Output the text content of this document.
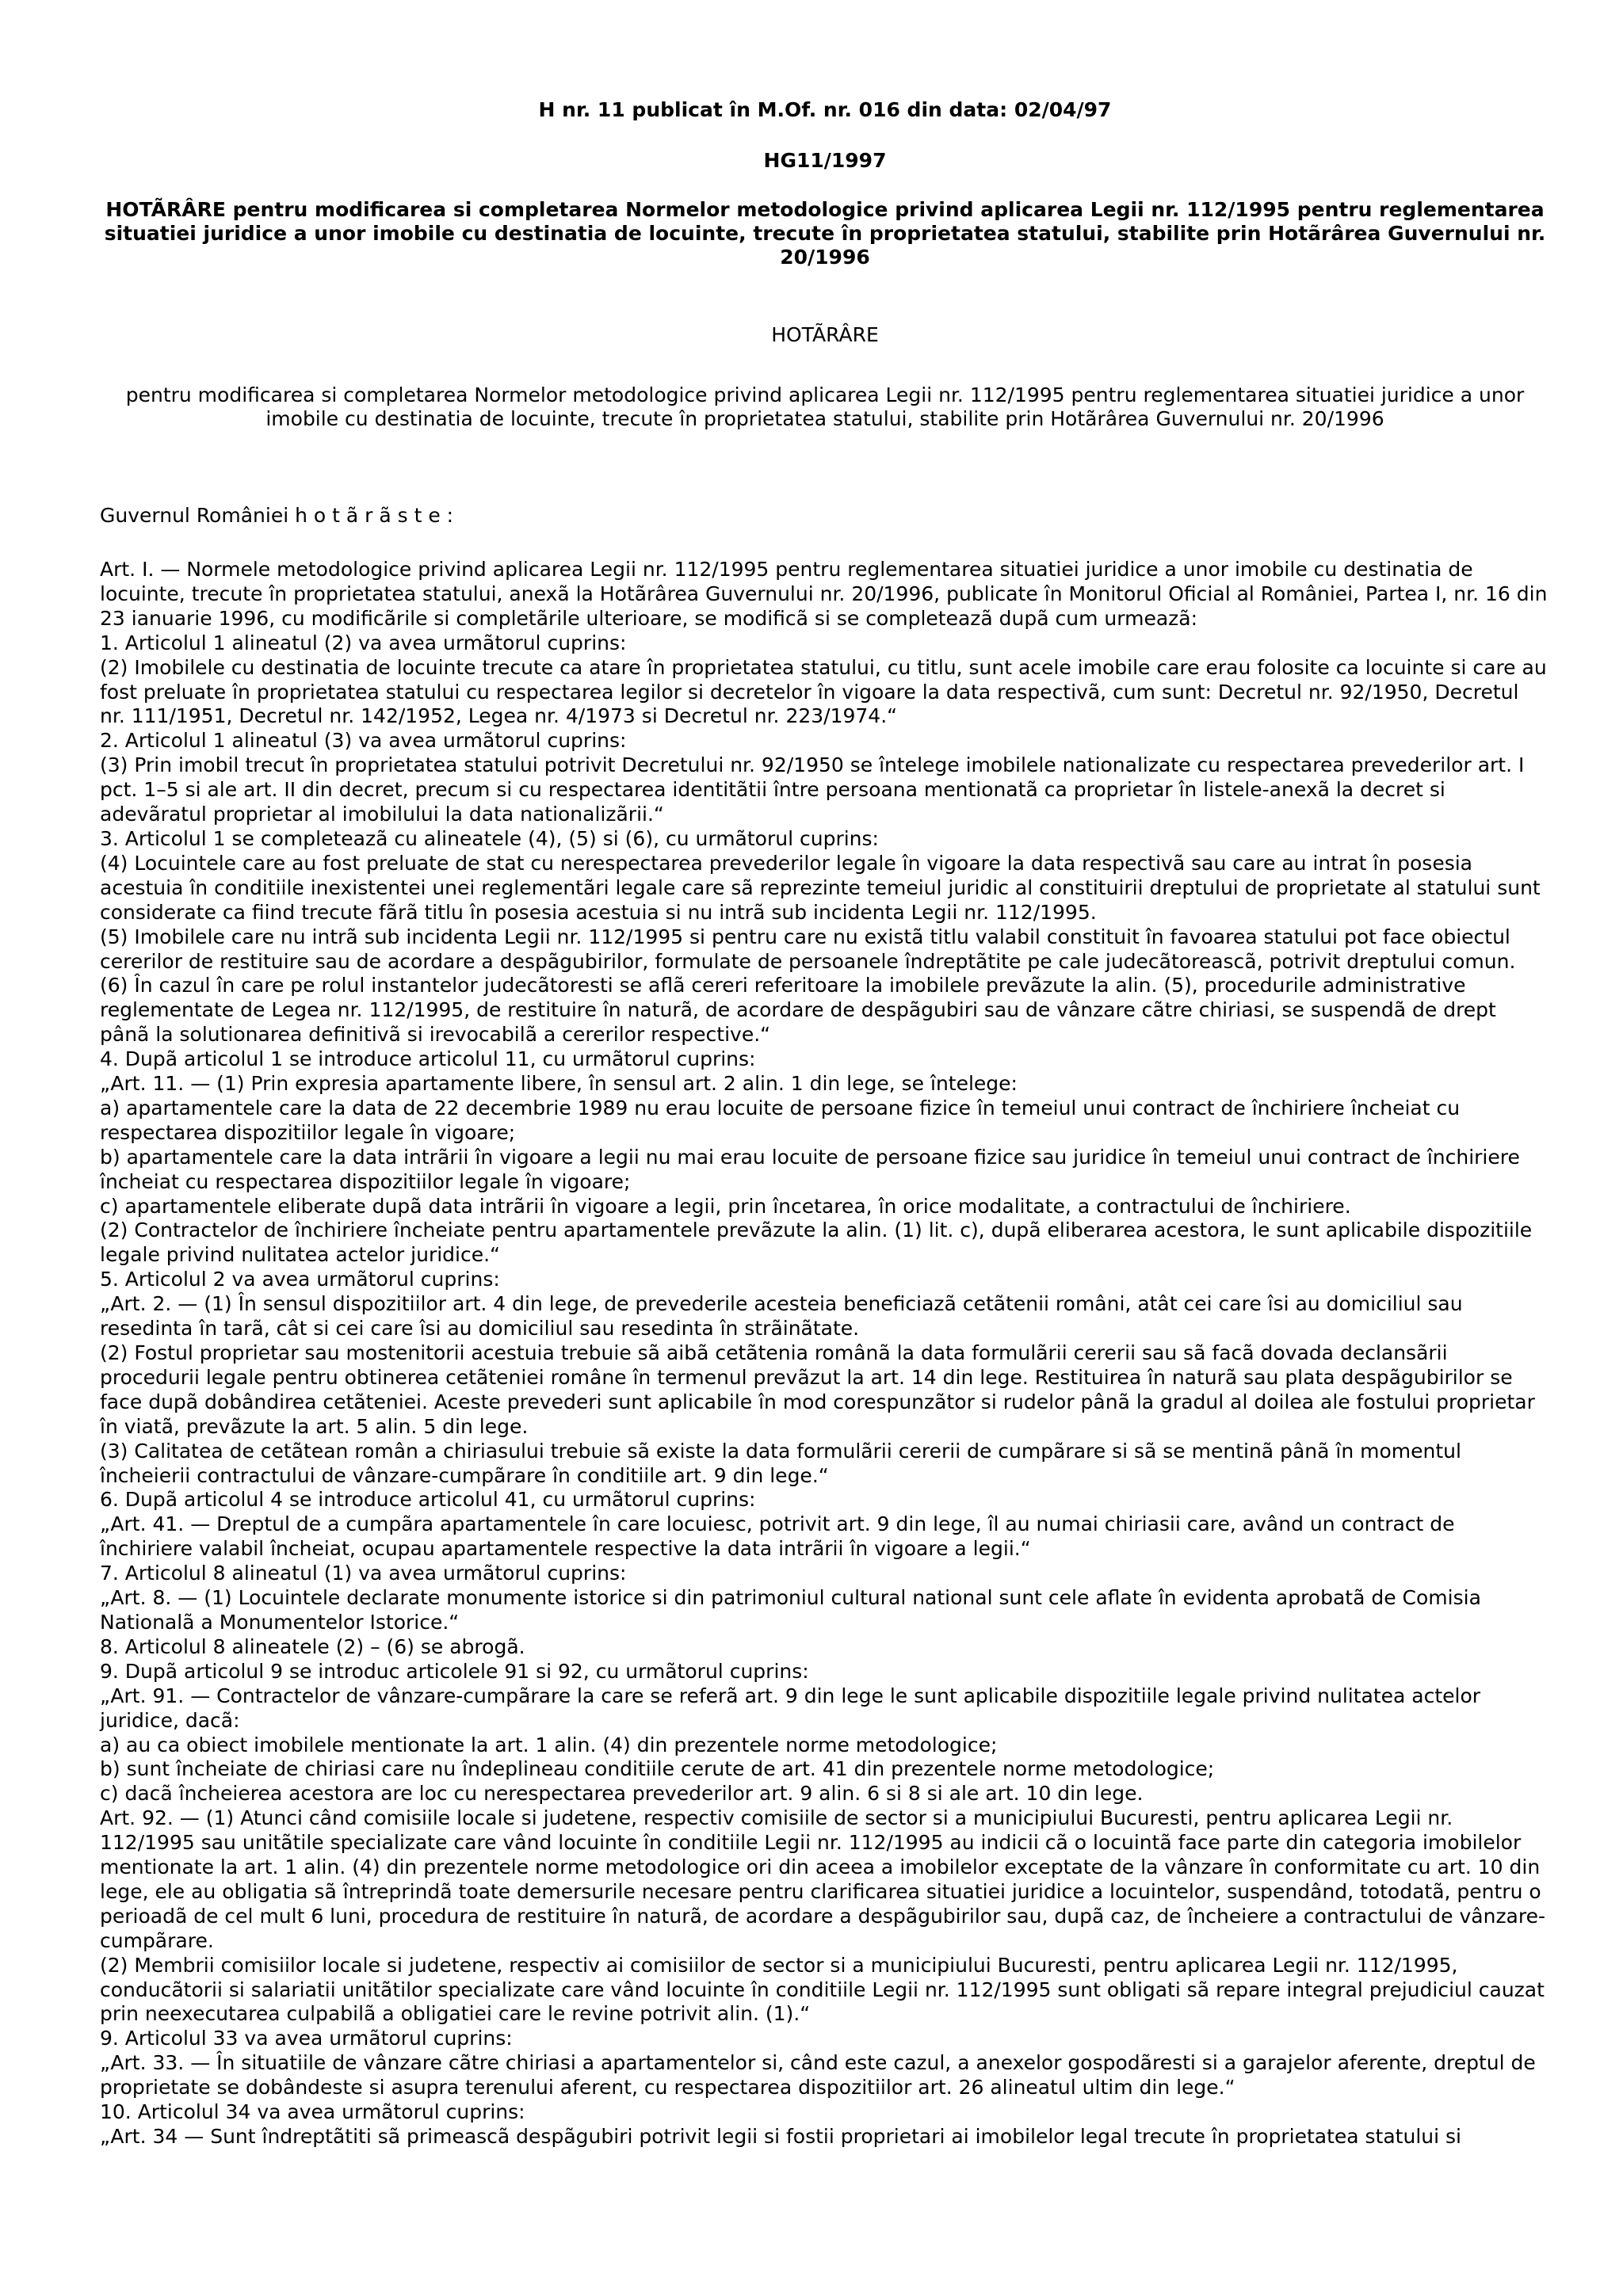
H nr. 11 publicat în M.Of. nr. 016 din data: 02/04/97

HG11/1997

HOTÃRÂRE pentru modificarea si completarea Normelor metodologice privind aplicarea Legii nr. 112/1995 pentru reglementarea situatiei juridice a unor imobile cu destinatia de locuinte, trecute în proprietatea statului, stabilite prin Hotãrârea Guvernului nr. 20/1996

HOTÃRÂRE
pentru modificarea si completarea Normelor metodologice privind aplicarea Legii nr. 112/1995 pentru reglementarea situatiei juridice a unor imobile cu destinatia de locuinte, trecute în proprietatea statului, stabilite prin Hotãrârea Guvernului nr. 20/1996
Guvernul României h o t ã r ã s t e :

Art. I. — Normele metodologice privind aplicarea Legii nr. 112/1995 pentru reglementarea situatiei juridice a unor imobile cu destinatia de locuinte, trecute în proprietatea statului, anexã la Hotãrârea Guvernului nr. 20/1996, publicate în Monitorul Oficial al României, Partea I, nr. 16 din 23 ianuarie 1996, cu modificãrile si completãrile ulterioare, se modificã si se completeazã dupã cum urmeazã:

1. Articolul 1 alineatul (2) va avea urmãtorul cuprins:

(2) Imobilele cu destinatia de locuinte trecute ca atare în proprietatea statului, cu titlu, sunt acele imobile care erau folosite ca locuinte si care au fost preluate în proprietatea statului cu respectarea legilor si decretelor în vigoare la data respectivã, cum sunt: Decretul nr. 92/1950, Decretul nr. 111/1951, Decretul nr. 142/1952, Legea nr. 4/1973 si Decretul nr. 223/1974.“

2. Articolul 1 alineatul (3) va avea urmãtorul cuprins:

(3) Prin imobil trecut în proprietatea statului potrivit Decretului nr. 92/1950 se întelege imobilele nationalizate cu respectarea prevederilor art. I pct. 1–5 si ale art. II din decret, precum si cu respectarea identitãtii între persoana mentionatã ca proprietar în listele-anexã la decret si adevãratul proprietar al imobilului la data nationalizãrii.“

3. Articolul 1 se completeazã cu alineatele (4), (5) si (6), cu urmãtorul cuprins:

(4) Locuintele care au fost preluate de stat cu nerespectarea prevederilor legale în vigoare la data respectivã sau care au intrat în posesia acestuia în conditiile inexistentei unei reglementãri legale care sã reprezinte temeiul juridic al constituirii dreptului de proprietate al statului sunt considerate ca fiind trecute fãrã titlu în posesia acestuia si nu intrã sub incidenta Legii nr. 112/1995.

(5) Imobilele care nu intrã sub incidenta Legii nr. 112/1995 si pentru care nu existã titlu valabil constituit în favoarea statului pot face obiectul cererilor de restituire sau de acordare a despãgubirilor, formulate de persoanele îndreptãtite pe cale judecãtoreascã, potrivit dreptului comun.

(6) În cazul în care pe rolul instantelor judecãtoresti se aflã cereri referitoare la imobilele prevãzute la alin. (5), procedurile administrative reglementate de Legea nr. 112/1995, de restituire în naturã, de acordare de despãgubiri sau de vânzare cãtre chiriasi, se suspendã de drept pânã la solutionarea definitivã si irevocabilã a cererilor respective.“

4. Dupã articolul 1 se introduce articolul 11, cu urmãtorul cuprins:

„Art. 11. — (1) Prin expresia apartamente libere, în sensul art. 2 alin. 1 din lege, se întelege:

a) apartamentele care la data de 22 decembrie 1989 nu erau locuite de persoane fizice în temeiul unui contract de închiriere încheiat cu respectarea dispozitiilor legale în vigoare;

b) apartamentele care la data intrãrii în vigoare a legii nu mai erau locuite de persoane fizice sau juridice în temeiul unui contract de închiriere încheiat cu respectarea dispozitiilor legale în vigoare;

c) apartamentele eliberate dupã data intrãrii în vigoare a legii, prin încetarea, în orice modalitate, a contractului de închiriere.

(2) Contractelor de închiriere încheiate pentru apartamentele prevãzute la alin. (1) lit. c), dupã eliberarea acestora, le sunt aplicabile dispozitiile legale privind nulitatea actelor juridice.“

5. Articolul 2 va avea urmãtorul cuprins:

„Art. 2. — (1) În sensul dispozitiilor art. 4 din lege, de prevederile acesteia beneficiazã cetãtenii români, atât cei care îsi au domiciliul sau resedinta în tarã, cât si cei care îsi au domiciliul sau resedinta în strãinãtate.

(2) Fostul proprietar sau mostenitorii acestuia trebuie sã aibã cetãtenia românã la data formulãrii cererii sau sã facã dovada declansãrii procedurii legale pentru obtinerea cetãteniei române în termenul prevãzut la art. 14 din lege. Restituirea în naturã sau plata despãgubirilor se face dupã dobândirea cetãteniei. Aceste prevederi sunt aplicabile în mod corespunzãtor si rudelor pânã la gradul al doilea ale fostului proprietar în viatã, prevãzute la art. 5 alin. 5 din lege.

(3) Calitatea de cetãtean român a chiriasului trebuie sã existe la data formulãrii cererii de cumpãrare si sã se mentinã pânã în momentul încheierii contractului de vânzare-cumpãrare în conditiile art. 9 din lege.“

6. Dupã articolul 4 se introduce articolul 41, cu urmãtorul cuprins:

„Art. 41. — Dreptul de a cumpãra apartamentele în care locuiesc, potrivit art. 9 din lege, îl au numai chiriasii care, având un contract de închiriere valabil încheiat, ocupau apartamentele respective la data intrãrii în vigoare a legii.“

7. Articolul 8 alineatul (1) va avea urmãtorul cuprins:

„Art. 8. — (1) Locuintele declarate monumente istorice si din patrimoniul cultural national sunt cele aflate în evidenta aprobatã de Comisia Nationalã a Monumentelor Istorice.“

8. Articolul 8 alineatele (2) – (6) se abrogã.

9. Dupã articolul 9 se introduc articolele 91 si 92, cu urmãtorul cuprins:

„Art. 91. — Contractelor de vânzare-cumpãrare la care se referã art. 9 din lege le sunt aplicabile dispozitiile legale privind nulitatea actelor juridice, dacã:

a) au ca obiect imobilele mentionate la art. 1 alin. (4) din prezentele norme metodologice;

b) sunt încheiate de chiriasi care nu îndeplineau conditiile cerute de art. 41 din prezentele norme metodologice;

c) dacã încheierea acestora are loc cu nerespectarea prevederilor art. 9 alin. 6 si 8 si ale art. 10 din lege.

Art. 92. — (1) Atunci când comisiile locale si judetene, respectiv comisiile de sector si a municipiului Bucuresti, pentru aplicarea Legii nr. 112/1995 sau unitãtile specializate care vând locuinte în conditiile Legii nr. 112/1995 au indicii cã o locuintã face parte din categoria imobilelor mentionate la art. 1 alin. (4) din prezentele norme metodologice ori din aceea a imobilelor exceptate de la vânzare în conformitate cu art. 10 din lege, ele au obligatia sã întreprindã toate demersurile necesare pentru clarificarea situatiei juridice a locuintelor, suspendând, totodatã, pentru o perioadã de cel mult 6 luni, procedura de restituire în naturã, de acordare a despãgubirilor sau, dupã caz, de încheiere a contractului de vânzare-cumpãrare.

(2) Membrii comisiilor locale si judetene, respectiv ai comisiilor de sector si a municipiului Bucuresti, pentru aplicarea Legii nr. 112/1995, conducãtorii si salariatii unitãtilor specializate care vând locuinte în conditiile Legii nr. 112/1995 sunt obligati sã repare integral prejudiciul cauzat prin neexecutarea culpabilã a obligatiei care le revine potrivit alin. (1).“

9. Articolul 33 va avea urmãtorul cuprins:

„Art. 33. — În situatiile de vânzare cãtre chiriasi a apartamentelor si, când este cazul, a anexelor gospodãresti si a garajelor aferente, dreptul de proprietate se dobândeste si asupra terenului aferent, cu respectarea dispozitiilor art. 26 alineatul ultim din lege.“

10. Articolul 34 va avea urmãtorul cuprins:

„Art. 34 — Sunt îndreptãtiti sã primeascã despãgubiri potrivit legii si fostii proprietari ai imobilelor legal trecute în proprietatea statului si
